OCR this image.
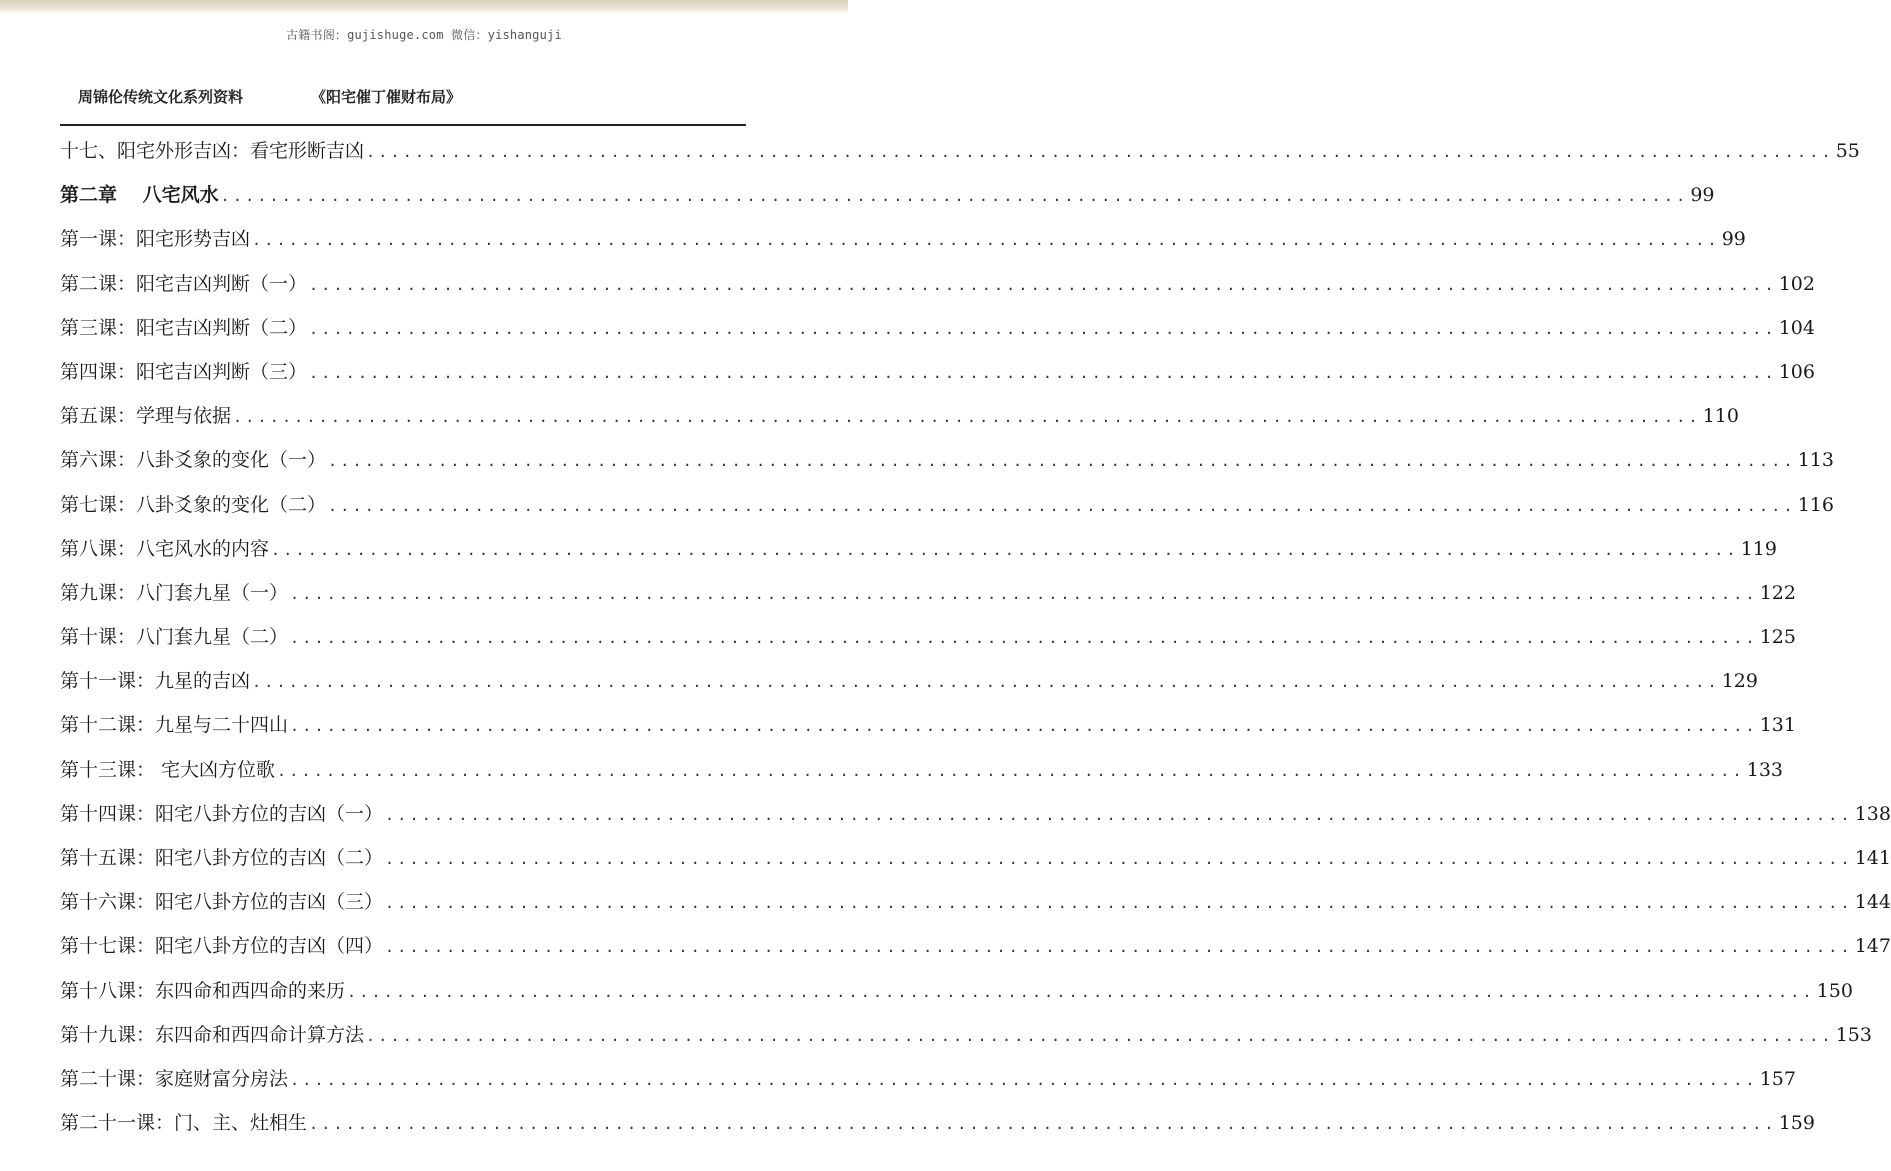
古籍书阁：gujishuge.com 微信：yishanguji
周锦伦传统文化系列资料	《阳宅催丁催财布局》
十七、阳宅外形吉凶：看宅形断吉凶 ........................................................................................................................ 55
第二章　 八宅风水 ........................................................................................................................ 99
第一课：阳宅形势吉凶 ........................................................................................................................ 99
第二课：阳宅吉凶判断（一） ........................................................................................................................ 102
第三课：阳宅吉凶判断（二） ........................................................................................................................ 104
第四课：阳宅吉凶判断（三） ........................................................................................................................ 106
第五课：学理与依据 ........................................................................................................................ 110
第六课：八卦爻象的变化（一） ........................................................................................................................ 113
第七课：八卦爻象的变化（二） ........................................................................................................................ 116
第八课：八宅风水的内容 ........................................................................................................................ 119
第九课：八门套九星（一） ........................................................................................................................ 122
第十课：八门套九星（二） ........................................................................................................................ 125
第十一课：九星的吉凶 ........................................................................................................................ 129
第十二课：九星与二十四山 ........................................................................................................................ 131
第十三课： 宅大凶方位歌 ........................................................................................................................ 133
第十四课：阳宅八卦方位的吉凶（一） ........................................................................................................................ 138
第十五课：阳宅八卦方位的吉凶（二） ........................................................................................................................ 141
第十六课：阳宅八卦方位的吉凶（三） ........................................................................................................................ 144
第十七课：阳宅八卦方位的吉凶（四） ........................................................................................................................ 147
第十八课：东四命和西四命的来历 ........................................................................................................................ 150
第十九课：东四命和西四命计算方法 ........................................................................................................................ 153
第二十课：家庭财富分房法 ........................................................................................................................ 157
第二十一课：门、主、灶相生 ........................................................................................................................ 159
